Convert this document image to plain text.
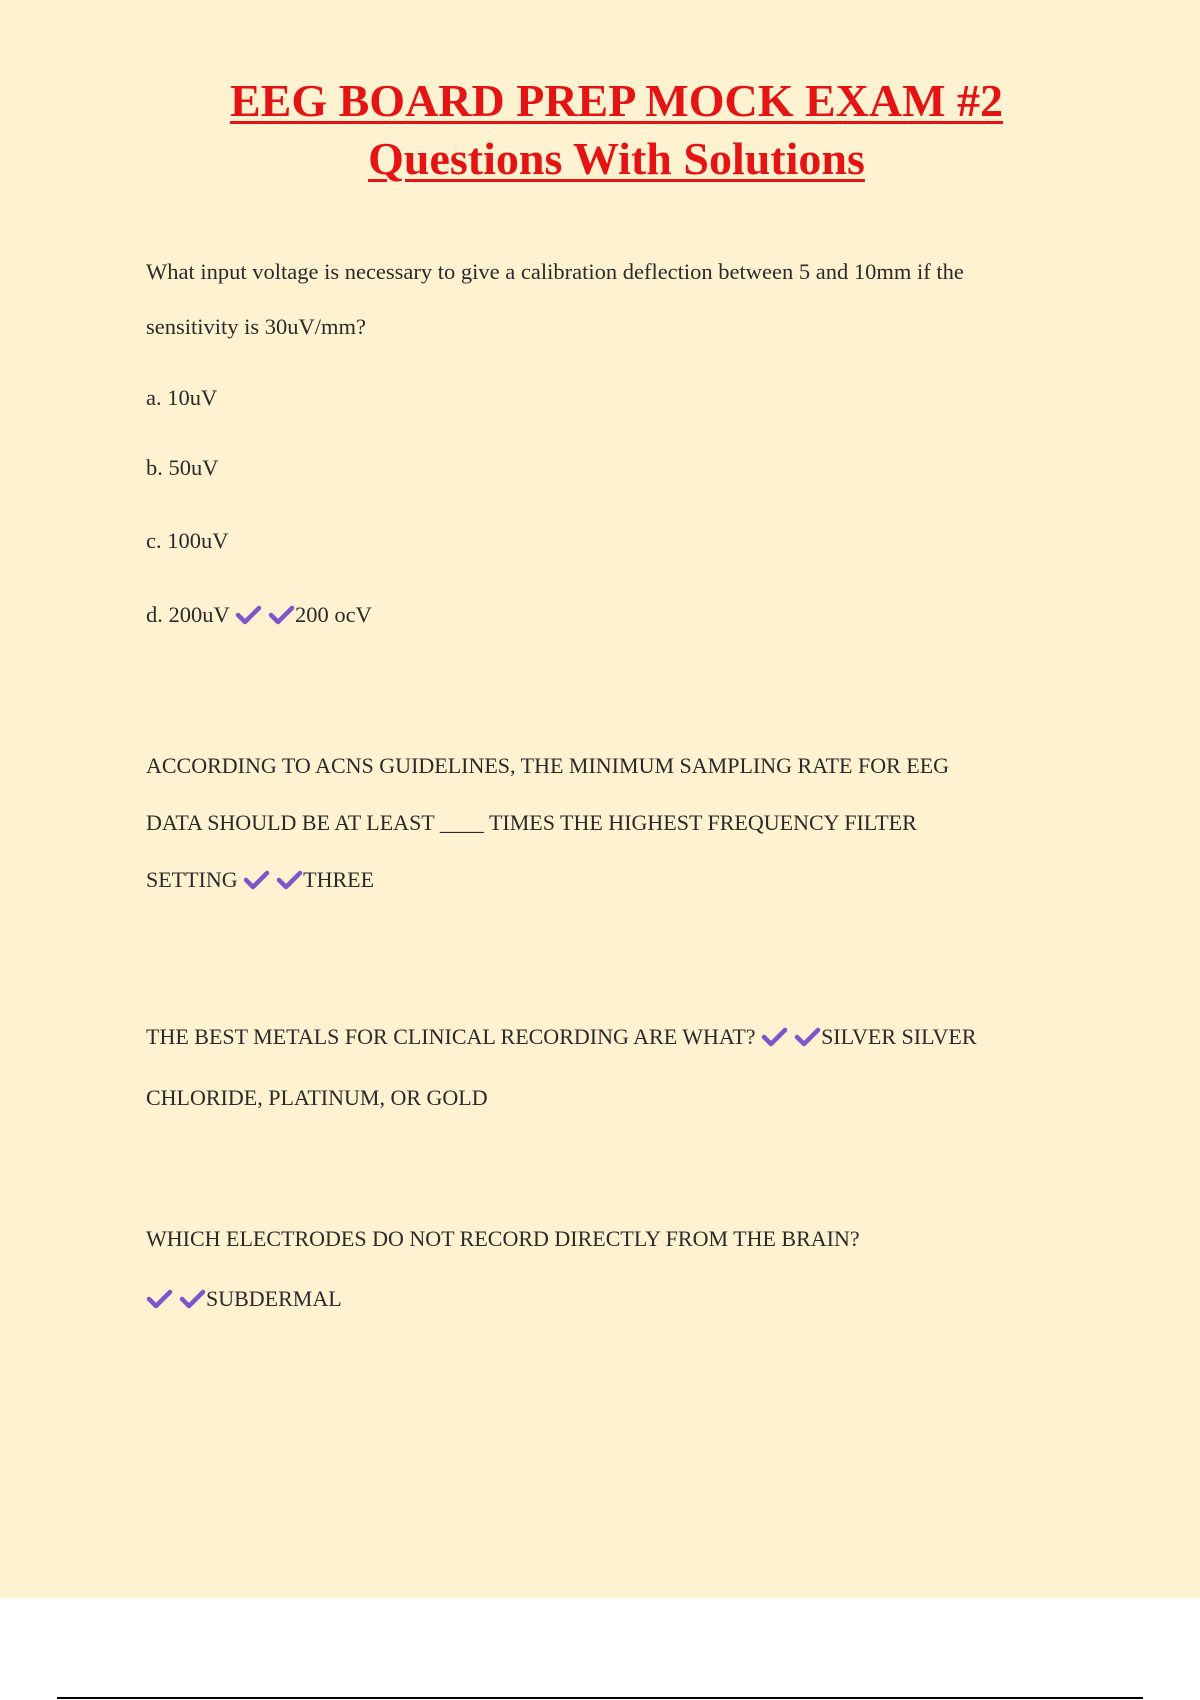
EEG BOARD PREP MOCK EXAM #2
Questions With Solutions
What input voltage is necessary to give a calibration deflection between 5 and 10mm if the
sensitivity is 30uV/mm?
a. 10uV
b. 50uV
c. 100uV
d. 200uV	200 ocV
ACCORDING TO ACNS GUIDELINES, THE MINIMUM SAMPLING RATE FOR EEG
DATA SHOULD BE AT LEAST ____ TIMES THE HIGHEST FREQUENCY FILTER
SETTING	THREE
THE BEST METALS FOR CLINICAL RECORDING ARE WHAT?	SILVER SILVER
CHLORIDE, PLATINUM, OR GOLD
WHICH ELECTRODES DO NOT RECORD DIRECTLY FROM THE BRAIN?

SUBDERMAL
